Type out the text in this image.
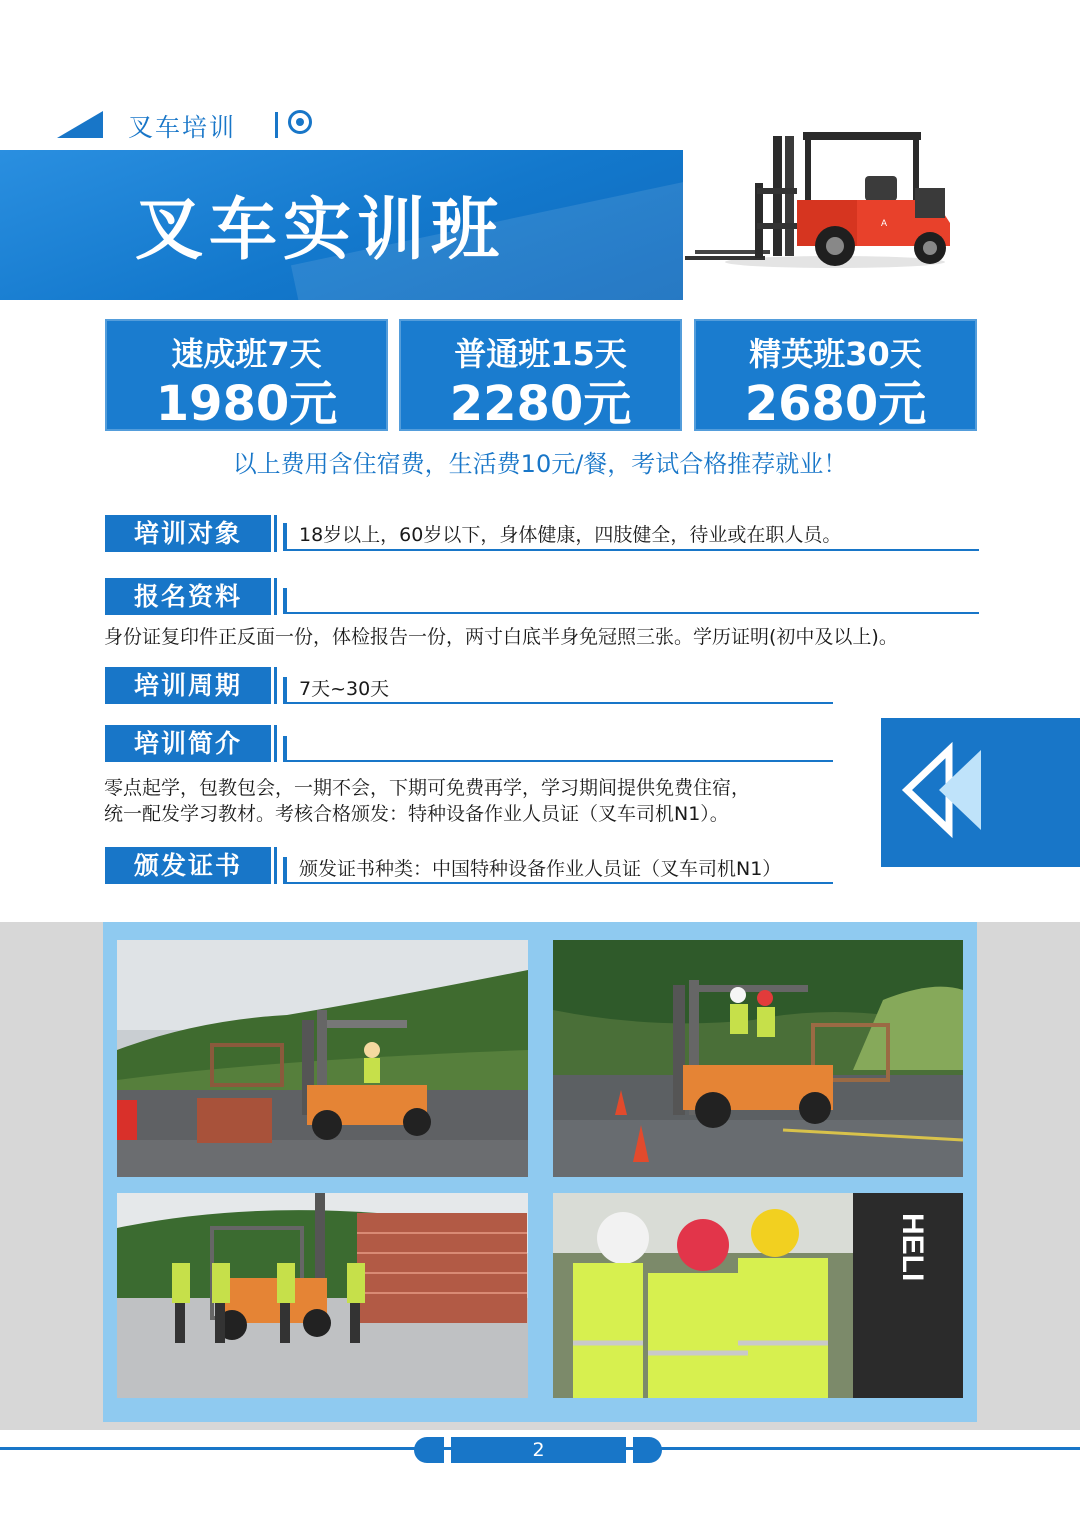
叉车培训
叉车实训班	A
速成班7天
1980元
普通班15天
2280元
精英班30天
2680元
以上费用含住宿费，生活费10元/餐，考试合格推荐就业！
培训对象	18岁以上，60岁以下，身体健康，四肢健全，待业或在职人员。
报名资料
身份证复印件正反面一份，体检报告一份，两寸白底半身免冠照三张。学历证明(初中及以上)。
培训周期	7天~30天
培训简介
零点起学，包教包会，一期不会，下期可免费再学，学习期间提供免费住宿，
统一配发学习教材。考核合格颁发：特种设备作业人员证（叉车司机N1）。
颁发证书	颁发证书种类：中国特种设备作业人员证（叉车司机N1）
HELI
2
